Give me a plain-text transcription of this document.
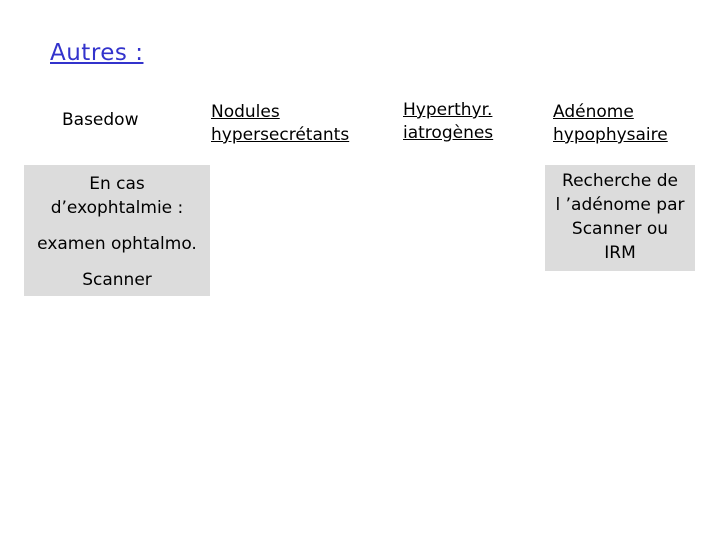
Autres :
Basedow	Nodules
hypersecrétants
Hyperthyr.
iatrogènes
Adénome
hypophysaire
En cas
d’exophtalmie :
examen ophtalmo.
Scanner
Recherche de
l ’adénome par
Scanner ou
IRM
